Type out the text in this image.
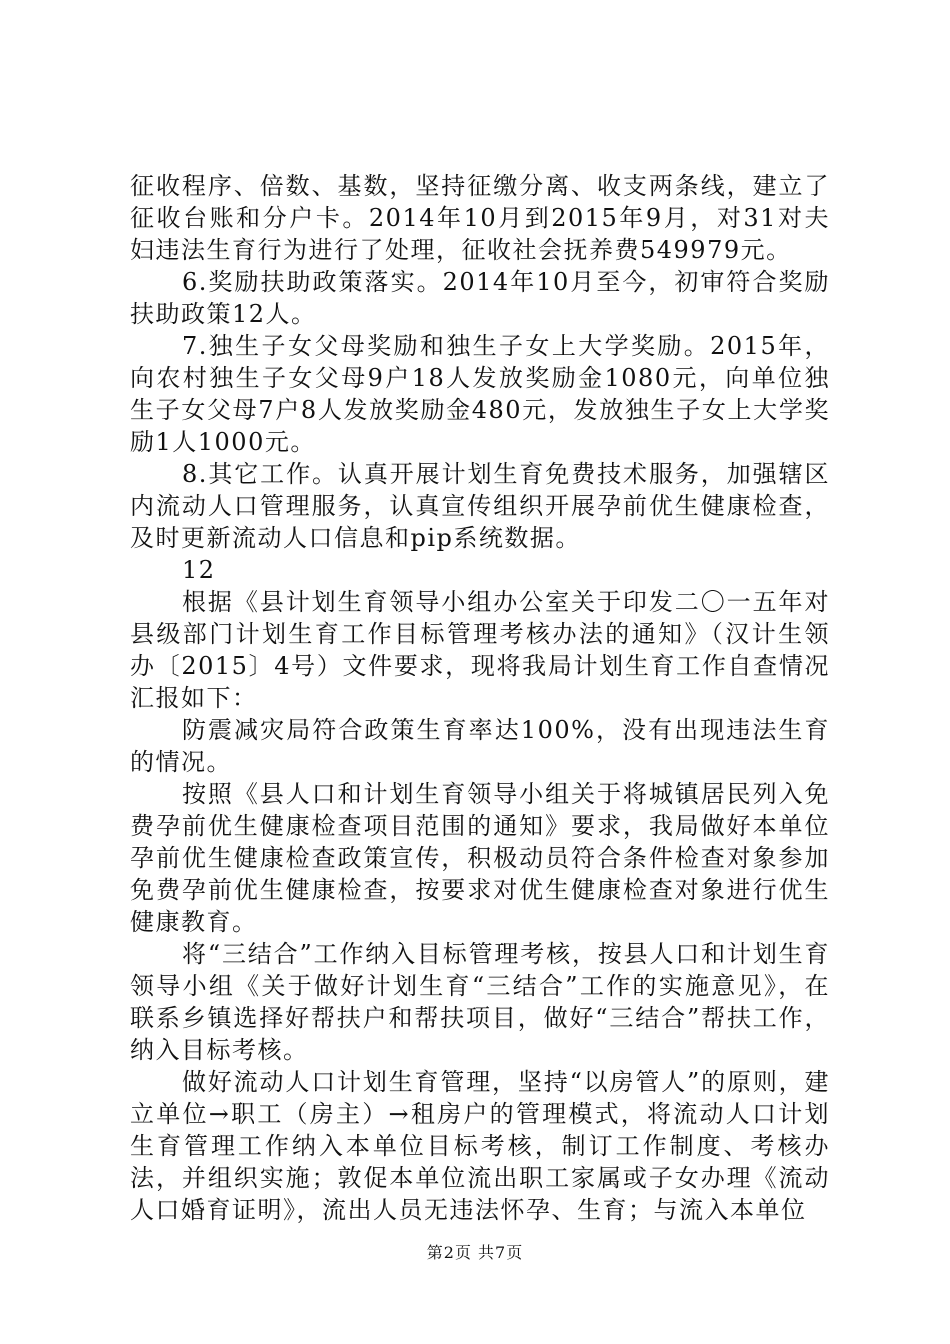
征收程序、倍数、基数，坚持征缴分离、收支两条线，建立了征收台账和分户卡。2014年10月到2015年9月，对31对夫妇违法生育行为进行了处理，征收社会抚养费549979元。

6.奖励扶助政策落实。2014年10月至今，初审符合奖励扶助政策12人。

7.独生子女父母奖励和独生子女上大学奖励。2015年，向农村独生子女父母9户18人发放奖励金1080元，向单位独生子女父母7户8人发放奖励金480元，发放独生子女上大学奖励1人1000元。

8.其它工作。认真开展计划生育免费技术服务，加强辖区内流动人口管理服务，认真宣传组织开展孕前优生健康检查，及时更新流动人口信息和pip系统数据。

12

根据《县计划生育领导小组办公室关于印发二〇一五年对县级部门计划生育工作目标管理考核办法的通知》（汉计生领办〔2015〕4号）文件要求，现将我局计划生育工作自查情况汇报如下：

防震减灾局符合政策生育率达100%，没有出现违法生育的情况。

按照《县人口和计划生育领导小组关于将城镇居民列入免费孕前优生健康检查项目范围的通知》要求，我局做好本单位孕前优生健康检查政策宣传，积极动员符合条件检查对象参加免费孕前优生健康检查，按要求对优生健康检查对象进行优生健康教育。

将“三结合”工作纳入目标管理考核，按县人口和计划生育领导小组《关于做好计划生育“三结合”工作的实施意见》，在联系乡镇选择好帮扶户和帮扶项目，做好“三结合”帮扶工作，纳入目标考核。

做好流动人口计划生育管理，坚持“以房管人”的原则，建立单位→职工（房主）→租房户的管理模式，将流动人口计划生育管理工作纳入本单位目标考核，制订工作制度、考核办法，并组织实施；敦促本单位流出职工家属或子女办理《流动人口婚育证明》，流出人员无违法怀孕、生育；与流入本单位

第2页 共7页
